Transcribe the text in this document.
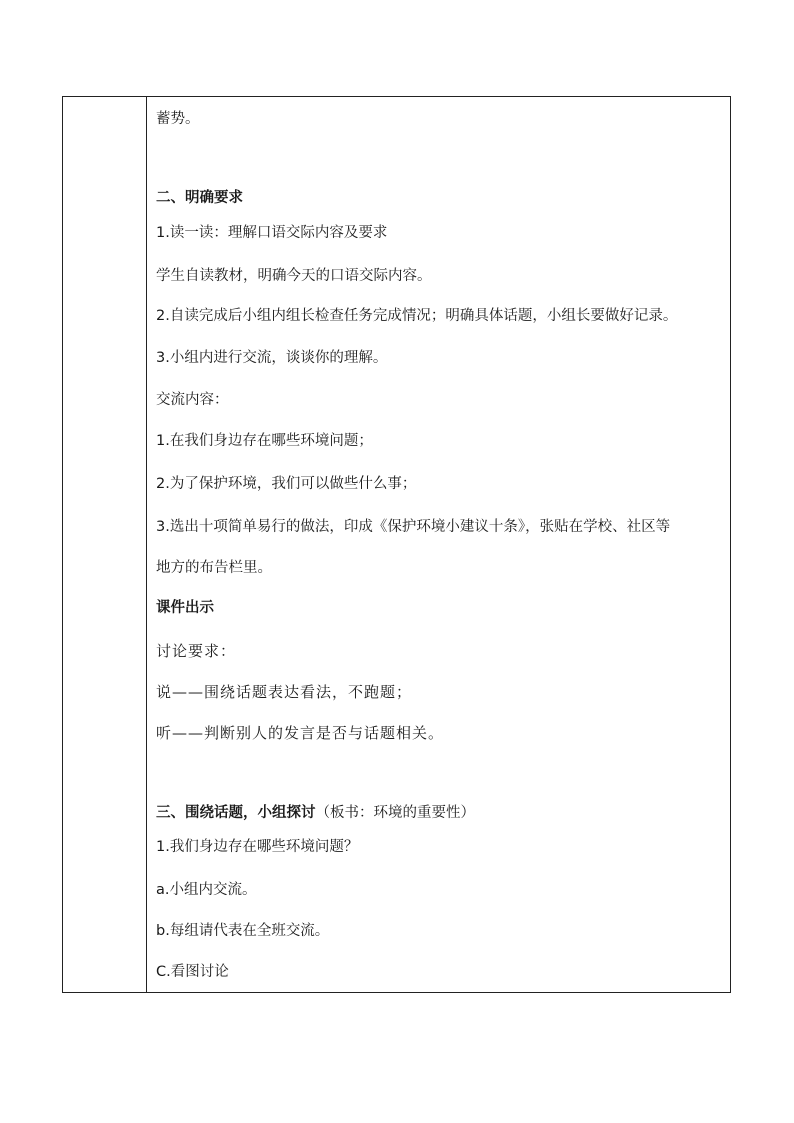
蓄势。
二、明确要求
1.读一读：理解口语交际内容及要求
学生自读教材，明确今天的口语交际内容。
2.自读完成后小组内组长检查任务完成情况；明确具体话题，小组长要做好记录。
3.小组内进行交流，谈谈你的理解。
交流内容：
1.在我们身边存在哪些环境问题；
2.为了保护环境，我们可以做些什么事；
3.选出十项简单易行的做法，印成《保护环境小建议十条》，张贴在学校、社区等
地方的布告栏里。
课件出示
讨论要求：
说——围绕话题表达看法，不跑题；
听——判断别人的发言是否与话题相关。
三、围绕话题，小组探讨（板书：环境的重要性）
1.我们身边存在哪些环境问题？
a.小组内交流。
b.每组请代表在全班交流。
C.看图讨论
